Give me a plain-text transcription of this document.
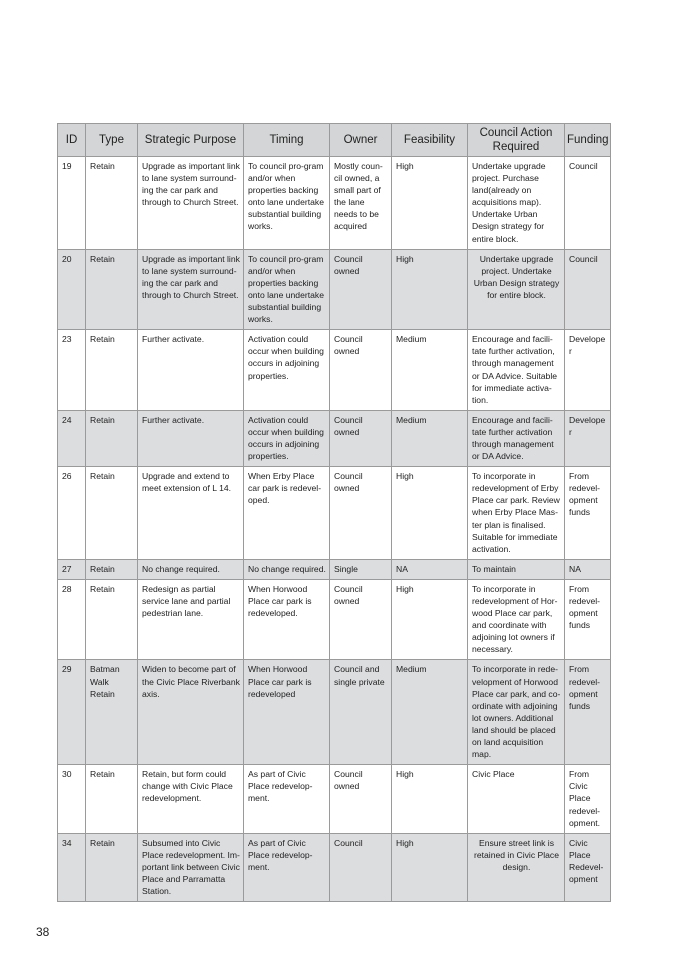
ID	Type	Strategic Purpose	Timing	Owner	Feasibility	Council Action Required	Funding
19	Retain	Upgrade as important link to lane system surround-ing the car park and through to Church Street.	To council pro-gram and/or when properties backing onto lane undertake substantial building works.	Mostly coun-cil owned, a small part of the lane needs to be acquired	High	Undertake upgrade project. Purchase land(already on acquisitions map). Undertake Urban Design strategy for entire block.	Council
20	Retain	Upgrade as important link to lane system surround-ing the car park and through to Church Street.	To council pro-gram and/or when properties backing onto lane undertake substantial building works.	Council owned	High	Undertake upgrade project. Undertake Urban Design strategy for entire block.	Council
23	Retain	Further activate.	Activation could occur when building occurs in adjoining properties.	Council owned	Medium	Encourage and facili-tate further activation, through management or DA Advice. Suitable for immediate activa-tion.	Developer
24	Retain	Further activate.	Activation could occur when building occurs in adjoining properties.	Council owned	Medium	Encourage and facili-tate further activation through management or DA Advice.	Developer
26	Retain	Upgrade and extend to meet extension of L 14.	When Erby Place car park is redevel-oped.	Council owned	High	To incorporate in redevelopment of Erby Place car park. Review when Erby Place Mas-ter plan is ﬁnalised. Suitable for immediate activation.	From redevel-opment funds
27	Retain	No change required.	No change required.	Single	NA	To maintain	NA
28	Retain	Redesign as partial service lane and partial pedestrian lane.	When Horwood Place car park is redeveloped.	Council owned	High	To incorporate in redevelopment of Hor-wood Place car park, and coordinate with adjoining lot owners if necessary.	From redevel-opment funds
29	Batman Walk Retain	Widen to become part of the Civic Place Riverbank axis.	When Horwood Place car park is redeveloped	Council and single private	Medium	To incorporate in rede-velopment of Horwood Place car park, and co-ordinate with adjoining lot owners. Additional land should be placed on land acquisition map.	From redevel-opment funds
30	Retain	Retain, but form could change with Civic Place redevelopment.	As part of Civic Place redevelop-ment.	Council owned	High	Civic Place	From Civic Place redevel-opment.
34	Retain	Subsumed into Civic Place redevelopment. Im-portant link between Civic Place and Parramatta Station.	As part of Civic Place redevelop-ment.	Council	High	Ensure street link is retained in Civic Place design.	Civic Place Redevel-opment
38
